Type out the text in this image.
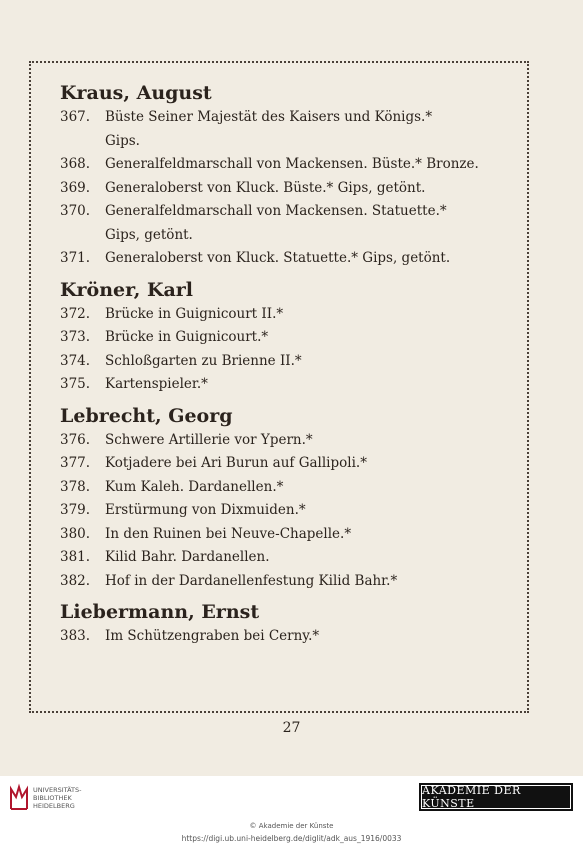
Kraus, August
367. Büste Seiner Majestät des Kaisers und Königs.*
Gips.
368. Generalfeldmarschall von Mackensen. Büste.* Bronze.
369. Generaloberst von Kluck. Büste.* Gips, getönt.
370. Generalfeldmarschall von Mackensen. Statuette.*
Gips, getönt.
371. Generaloberst von Kluck. Statuette.* Gips, getönt.
Kröner, Karl
372. Brücke in Guignicourt II.*
373. Brücke in Guignicourt.*
374. Schloßgarten zu Brienne II.*
375. Kartenspieler.*
Lebrecht, Georg
376. Schwere Artillerie vor Ypern.*
377. Kotjadere bei Ari Burun auf Gallipoli.*
378. Kum Kaleh. Dardanellen.*
379. Erstürmung von Dixmuiden.*
380. In den Ruinen bei Neuve-Chapelle.*
381. Kilid Bahr. Dardanellen.
382. Hof in der Dardanellenfestung Kilid Bahr.*
Liebermann, Ernst
383. Im Schützengraben bei Cerny.*
27
UNIVERSITÄTS-
BIBLIOTHEK
HEIDELBERG
AKADEMIE DER KÜNSTE
© Akademie der Künste
https://digi.ub.uni-heidelberg.de/diglit/adk_aus_1916/0033
